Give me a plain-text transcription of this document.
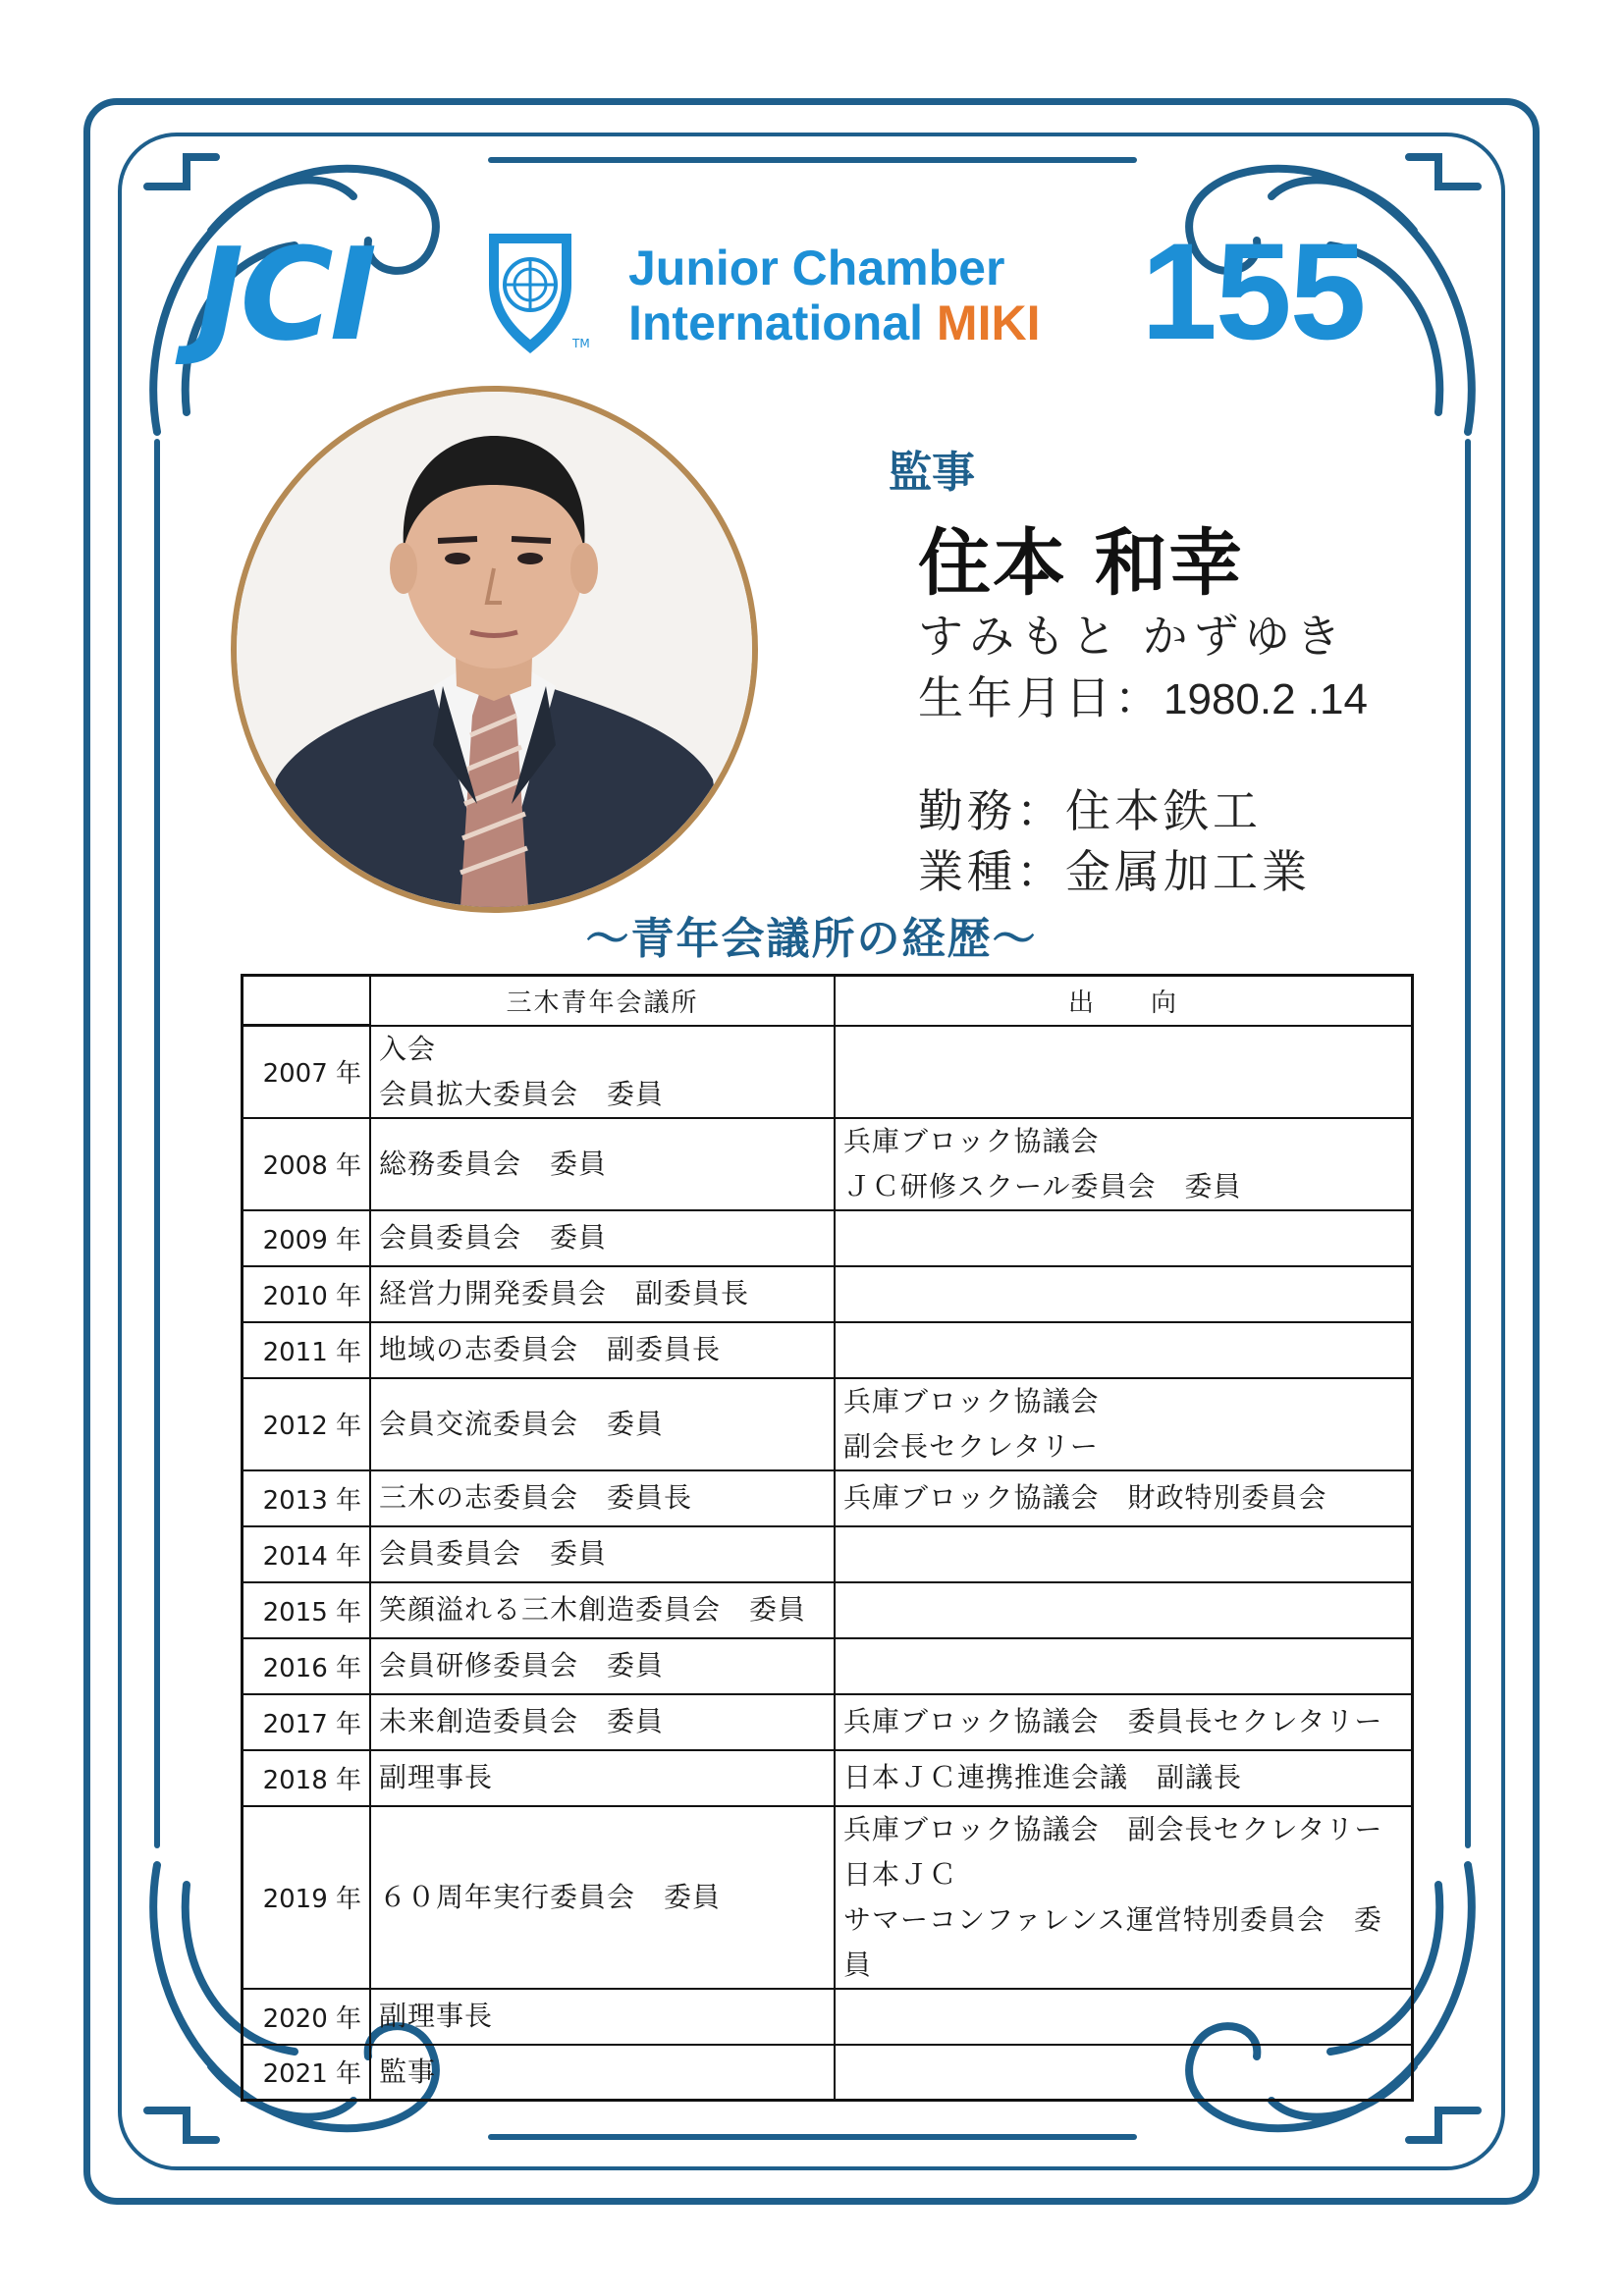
JCI	TM
Junior Chamber
International MIKI 155
監事
住本 和幸
すみもと かずゆき
生年月日：1980.2 .14
勤務：住本鉄工
業種：金属加工業
〜青年会議所の経歴〜
	三木青年会議所	出　　向
2007 年	入会
会員拡大委員会　委員	

2008 年	総務委員会　委員	兵庫ブロック協議会
ＪＣ研修スクール委員会　委員

2009 年	会員委員会　委員	

2010 年	経営力開発委員会　副委員長	

2011 年	地域の志委員会　副委員長	

2012 年	会員交流委員会　委員	兵庫ブロック協議会
副会長セクレタリー

2013 年	三木の志委員会　委員長	兵庫ブロック協議会　財政特別委員会

2014 年	会員委員会　委員	

2015 年	笑顔溢れる三木創造委員会　委員	

2016 年	会員研修委員会　委員	

2017 年	未来創造委員会　委員	兵庫ブロック協議会　委員長セクレタリー

2018 年	副理事長	日本ＪＣ連携推進会議　副議長

2019 年	６０周年実行委員会　委員	兵庫ブロック協議会　副会長セクレタリー
日本ＪＣ
サマーコンファレンス運営特別委員会　委員

2020 年	副理事長	

2021 年	監事	
